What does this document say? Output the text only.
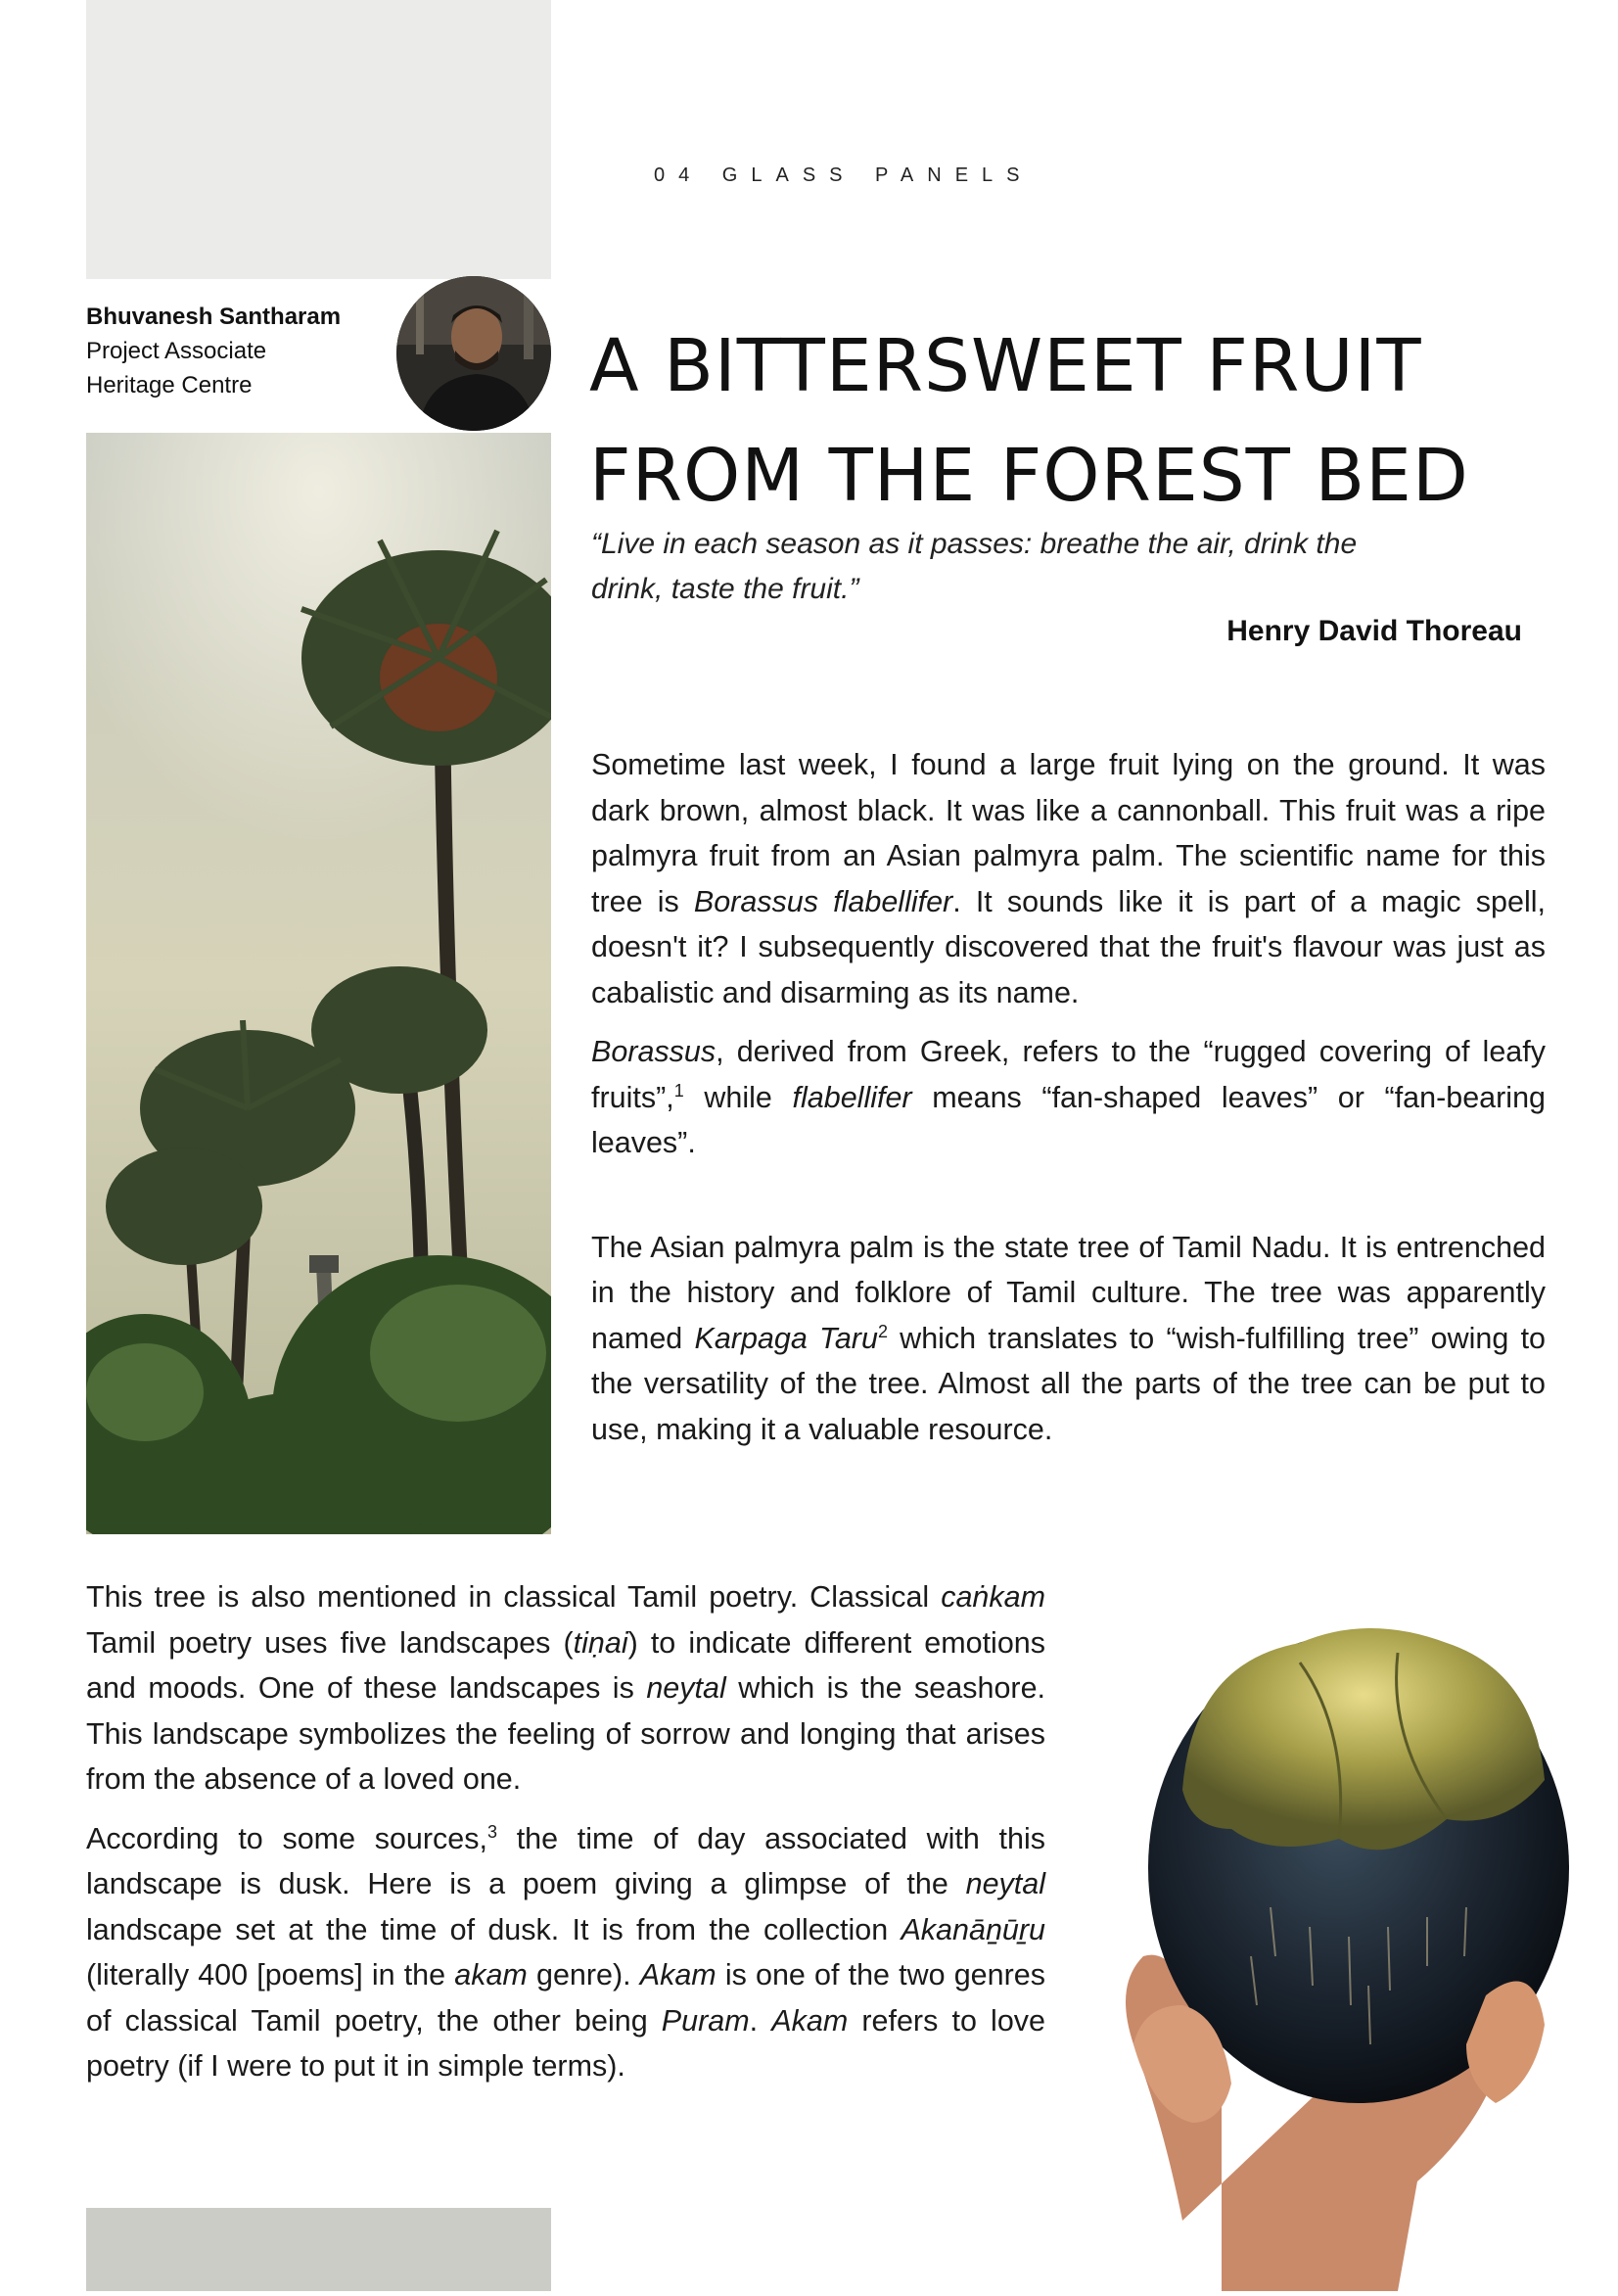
04 GLASS PANELS
Bhuvanesh Santharam
Project Associate
Heritage Centre	A BITTERSWEET FRUIT
FROM THE FOREST BED
“Live in each season as it passes: breathe the air, drink the
drink, taste the fruit.”
Henry David Thoreau

Sometime last week, I found a large fruit lying on the ground. It was dark brown, almost black. It was like a cannonball. This fruit was a ripe palmyra fruit from an Asian palmyra palm. The scientific name for this tree is Borassus flabellifer. It sounds like it is part of a magic spell, doesn't it? I subsequently discovered that the fruit's flavour was just as cabalistic and disarming as its name.

Borassus, derived from Greek, refers to the “rugged covering of leafy fruits”,$^1$ while flabellifer means “fan-shaped leaves” or “fan-bearing leaves”.

The Asian palmyra palm is the state tree of Tamil Nadu. It is entrenched in the history and folklore of Tamil culture. The tree was apparently named Karpaga Taru$^2$ which translates to “wish-fulfilling tree” owing to the versatility of the tree. Almost all the parts of the tree can be put to use, making it a valuable resource.

This tree is also mentioned in classical Tamil poetry. Classical caṅkam Tamil poetry uses five landscapes (tiṇai) to indicate different emotions and moods. One of these landscapes is neytal which is the seashore. This landscape symbolizes the feeling of sorrow and longing that arises from the absence of a loved one.

According to some sources,$^3$ the time of day associated with this landscape is dusk. Here is a poem giving a glimpse of the neytal landscape set at the time of dusk. It is from the collection Akanāṉūṟu (literally 400 [poems] in the akam genre). Akam is one of the two genres of classical Tamil poetry, the other being Puram. Akam refers to love poetry (if I were to put it in simple terms).
